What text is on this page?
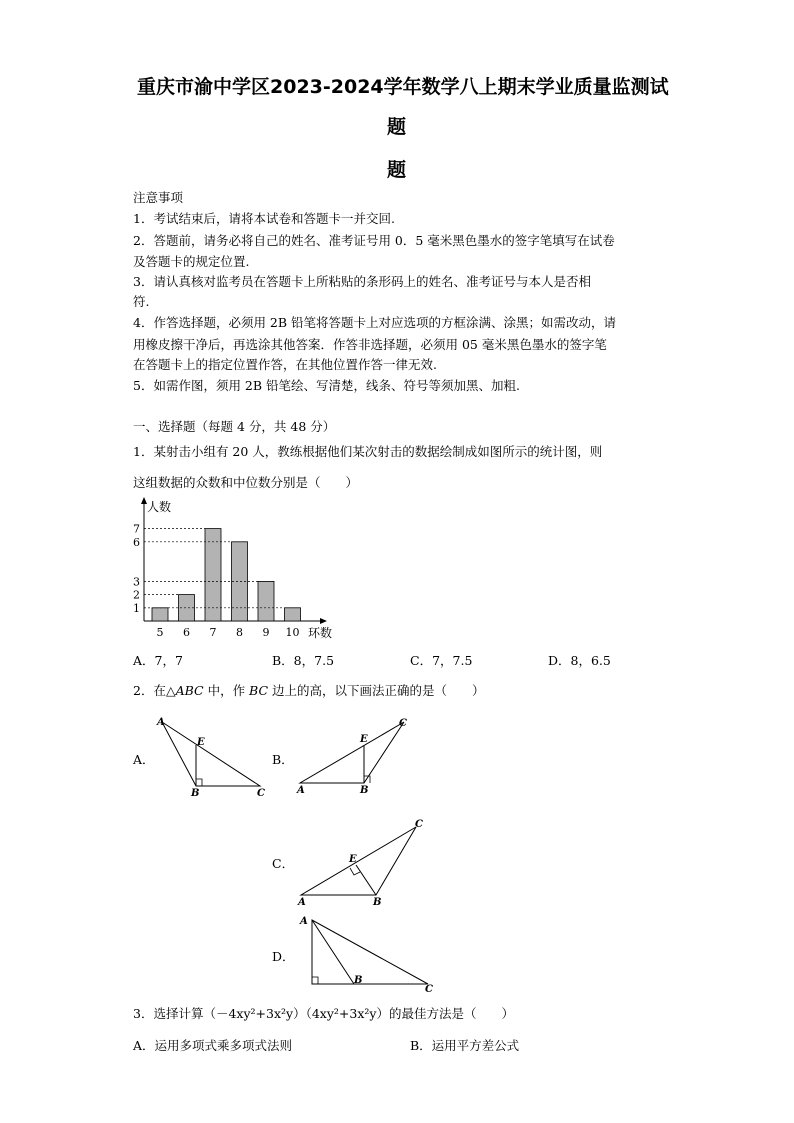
重庆市渝中学区2023-2024学年数学八上期末学业质量监测试
题
题
注意事项
1．考试结束后，请将本试卷和答题卡一并交回.
2．答题前，请务必将自己的姓名、准考证号用 0．5 毫米黑色墨水的签字笔填写在试卷
及答题卡的规定位置.
3．请认真核对监考员在答题卡上所粘贴的条形码上的姓名、准考证号与本人是否相
符.
4．作答选择题，必须用 2B 铅笔将答题卡上对应选项的方框涂满、涂黑；如需改动，请
用橡皮擦干净后，再选涂其他答案．作答非选择题，必须用 05 毫米黑色墨水的签字笔
在答题卡上的指定位置作答，在其他位置作答一律无效.
5．如需作图，须用 2B 铅笔绘、写清楚，线条、符号等须加黑、加粗.
一、选择题（每题 4 分，共 48 分）
1．某射击小组有 20 人，教练根据他们某次射击的数据绘制成如图所示的统计图，则
这组数据的众数和中位数分别是（　　）
人数
环数
5 6 7 8 9 10
1
2
3
6
7
A．7，7	B．8，7.5	C．7，7.5	D．8，6.5
2．在△ABC 中，作 BC 边上的高，以下画法正确的是（　　）
A．	B．
C．
D．
A
E
B	C	A
E
B
C
A
E
B
C
A
B
C
3．选择计算（－4xy²+3x²y）（4xy²+3x²y）的最佳方法是（　　）
A．运用多项式乘多项式法则	B．运用平方差公式
